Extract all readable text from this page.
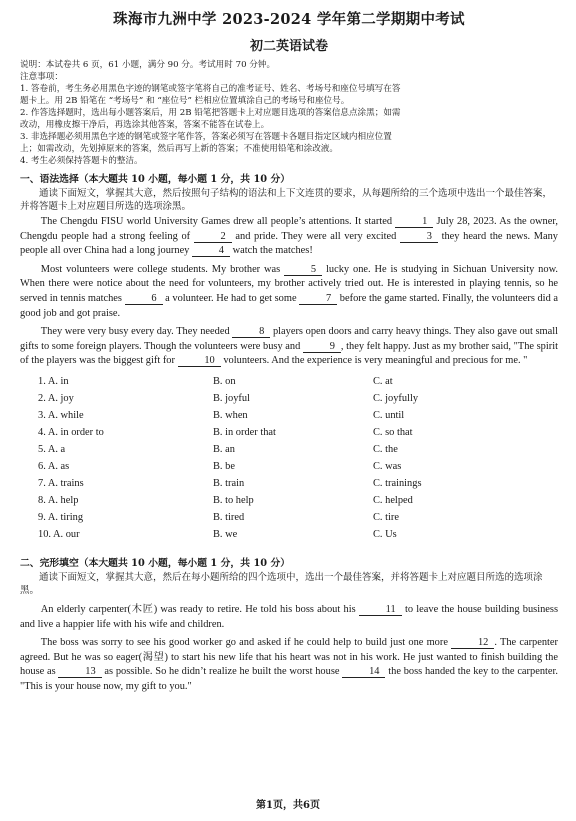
珠海市九洲中学 2023-2024 学年第二学期期中考试
初二英语试卷
说明：本试卷共 6 页，61 小题，满分 90 分。考试用时 70 分钟。
注意事项：
1. 答卷前，考生务必用黑色字迹的钢笔或签字笔将自己的准考证号、姓名、考场号和座位号填写在答
题卡上。用 2B 铅笔在 “考场号” 和 “座位号” 栏相应位置填涂自己的考场号和座位号。
2. 作答选择题时，选出每小题答案后，用 2B 铅笔把答题卡上对应题目选项的答案信息点涂黑；如需
改动，用橡皮擦干净后，再选涂其他答案，答案不能答在试卷上。
3. 非选择题必须用黑色字迹的钢笔或签字笔作答，答案必须写在答题卡各题目指定区域内相应位置
上；如需改动，先划掉原来的答案，然后再写上新的答案；不准使用铅笔和涂改液。
4. 考生必须保持答题卡的整洁。
一、语法选择（本大题共 10 小题，每小题 1 分，共 10 分）
通读下面短文，掌握其大意，然后按照句子结构的语法和上下文连贯的要求，从每题所给的三个选项中选出一个最佳答案，并将答题卡上对应题目所选的选项涂黑。

The Chengdu FISU world University Games drew all people’s attentions. It started	1 July 28, 2023. As the owner, Chengdu people had a strong feeling of	2 and pride. They were all very excited	3 they heard the news. Many people all over China had a long journey	4 watch the matches!

Most volunteers were college students. My brother was	5 lucky one. He is studying in Sichuan University now. When there were notice about the need for volunteers, my brother actively tried out. He is interested in playing tennis, so he served in tennis matches	6 a volunteer. He had to get some	7 before the game started. Finally, the volunteers did a good job and got praise.

They were very busy every day. They needed	8 players open doors and carry heavy things. They also gave out small gifts to some foreign players. Though the volunteers were busy and	9 , they felt happy. Just as my brother said, "The spirit of the players was the biggest gift for	10 volunteers. And the experience is very meaningful and precious for me. "

1. A. in	B. on	C. at
2. A. joy	B. joyful	C. joyfully
3. A. while	B. when	C. until
4. A. in order to	B. in order that	C. so that
5. A. a	B. an	C. the
6. A. as	B. be	C. was
7. A. trains	B. train	C. trainings
8. A. help	B. to help	C. helped
9. A. tiring	B. tired	C. tire
10. A. our	B. we	C. Us
二、完形填空（本大题共 10 小题，每小题 1 分，共 10 分）
通读下面短文，掌握其大意，然后在每小题所给的四个选项中，选出一个最佳答案，并将答题卡上对应题目所选的选项涂黑。

An elderly carpenter(木匠) was ready to retire. He told his boss about his	11 to leave the house building business and live a happier life with his wife and children.

The boss was sorry to see his good worker go and asked if he could help to build just one more	12 . The carpenter agreed. But he was so eager(渴望) to start his new life that his heart was not in his work. He just wanted to finish building the house as	13 as possible. So he didn’t realize he built the worst house	14 the boss handed the key to the carpenter. "This is your house now, my gift to you."

第1页，共6页
